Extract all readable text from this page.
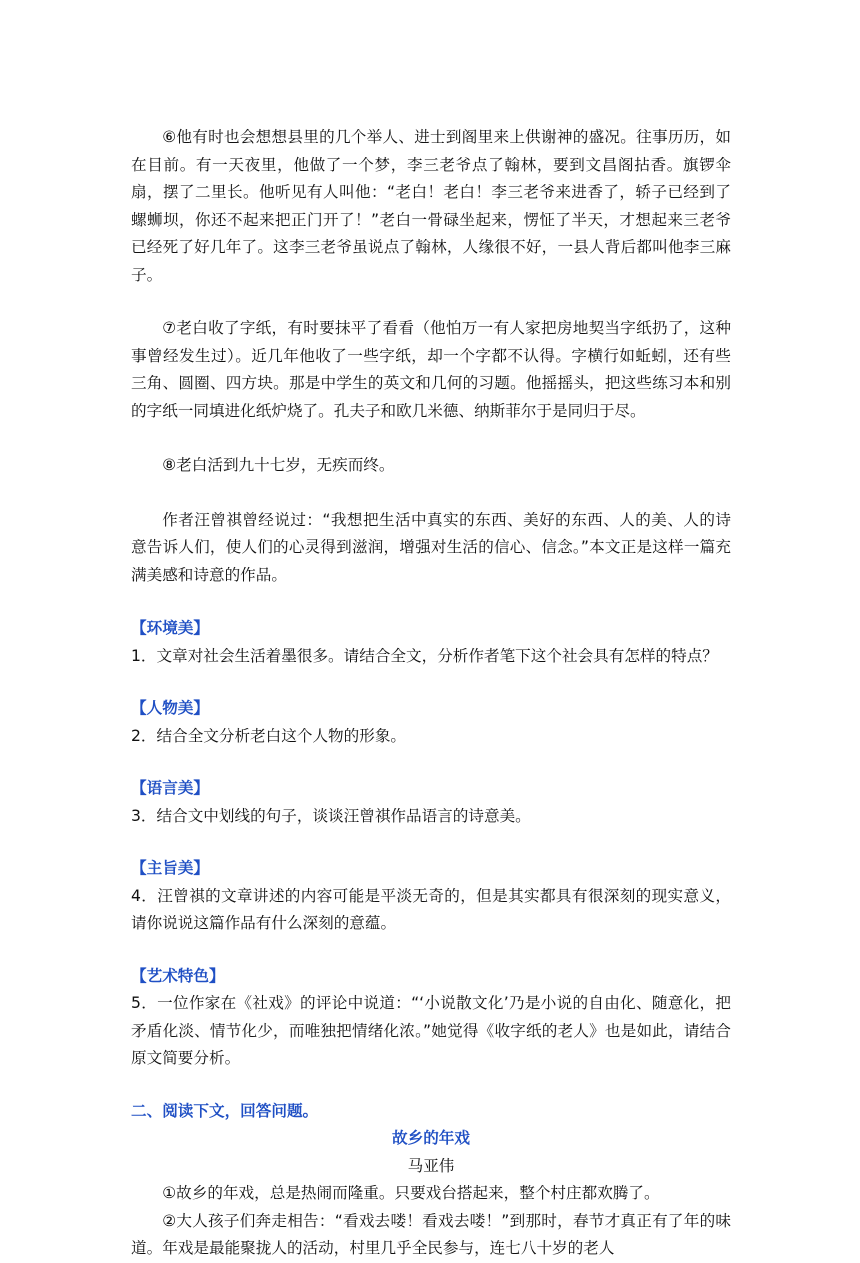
⑥他有时也会想想县里的几个举人、进士到阁里来上供谢神的盛况。往事历历，如在目前。有一天夜里，他做了一个梦，李三老爷点了翰林，要到文昌阁拈香。旗锣伞扇，摆了二里长。他听见有人叫他：“老白！老白！李三老爷来进香了，轿子已经到了螺蛳坝，你还不起来把正门开了！”老白一骨碌坐起来，愣怔了半天，才想起来三老爷已经死了好几年了。这李三老爷虽说点了翰林，人缘很不好，一县人背后都叫他李三麻子。

⑦老白收了字纸，有时要抹平了看看（他怕万一有人家把房地契当字纸扔了，这种事曾经发生过）。近几年他收了一些字纸，却一个字都不认得。字横行如蚯蚓，还有些三角、圆圈、四方块。那是中学生的英文和几何的习题。他摇摇头，把这些练习本和别的字纸一同填进化纸炉烧了。孔夫子和欧几米德、纳斯菲尔于是同归于尽。

⑧老白活到九十七岁，无疾而终。

作者汪曾祺曾经说过：“我想把生活中真实的东西、美好的东西、人的美、人的诗意告诉人们，使人们的心灵得到滋润，增强对生活的信心、信念。”本文正是这样一篇充满美感和诗意的作品。

【环境美】

1．文章对社会生活着墨很多。请结合全文，分析作者笔下这个社会具有怎样的特点？

【人物美】

2．结合全文分析老白这个人物的形象。

【语言美】

3．结合文中划线的句子，谈谈汪曾祺作品语言的诗意美。

【主旨美】

4．汪曾祺的文章讲述的内容可能是平淡无奇的，但是其实都具有很深刻的现实意义，请你说说这篇作品有什么深刻的意蕴。

【艺术特色】

5．一位作家在《社戏》的评论中说道：“‘小说散文化’乃是小说的自由化、随意化，把矛盾化淡、情节化少，而唯独把情绪化浓。”她觉得《收字纸的老人》也是如此，请结合原文简要分析。

二、阅读下文，回答问题。

故乡的年戏

马亚伟

①故乡的年戏，总是热闹而隆重。只要戏台搭起来，整个村庄都欢腾了。

②大人孩子们奔走相告：“看戏去喽！看戏去喽！”到那时，春节才真正有了年的味道。年戏是最能聚拢人的活动，村里几乎全民参与，连七八十岁的老人
